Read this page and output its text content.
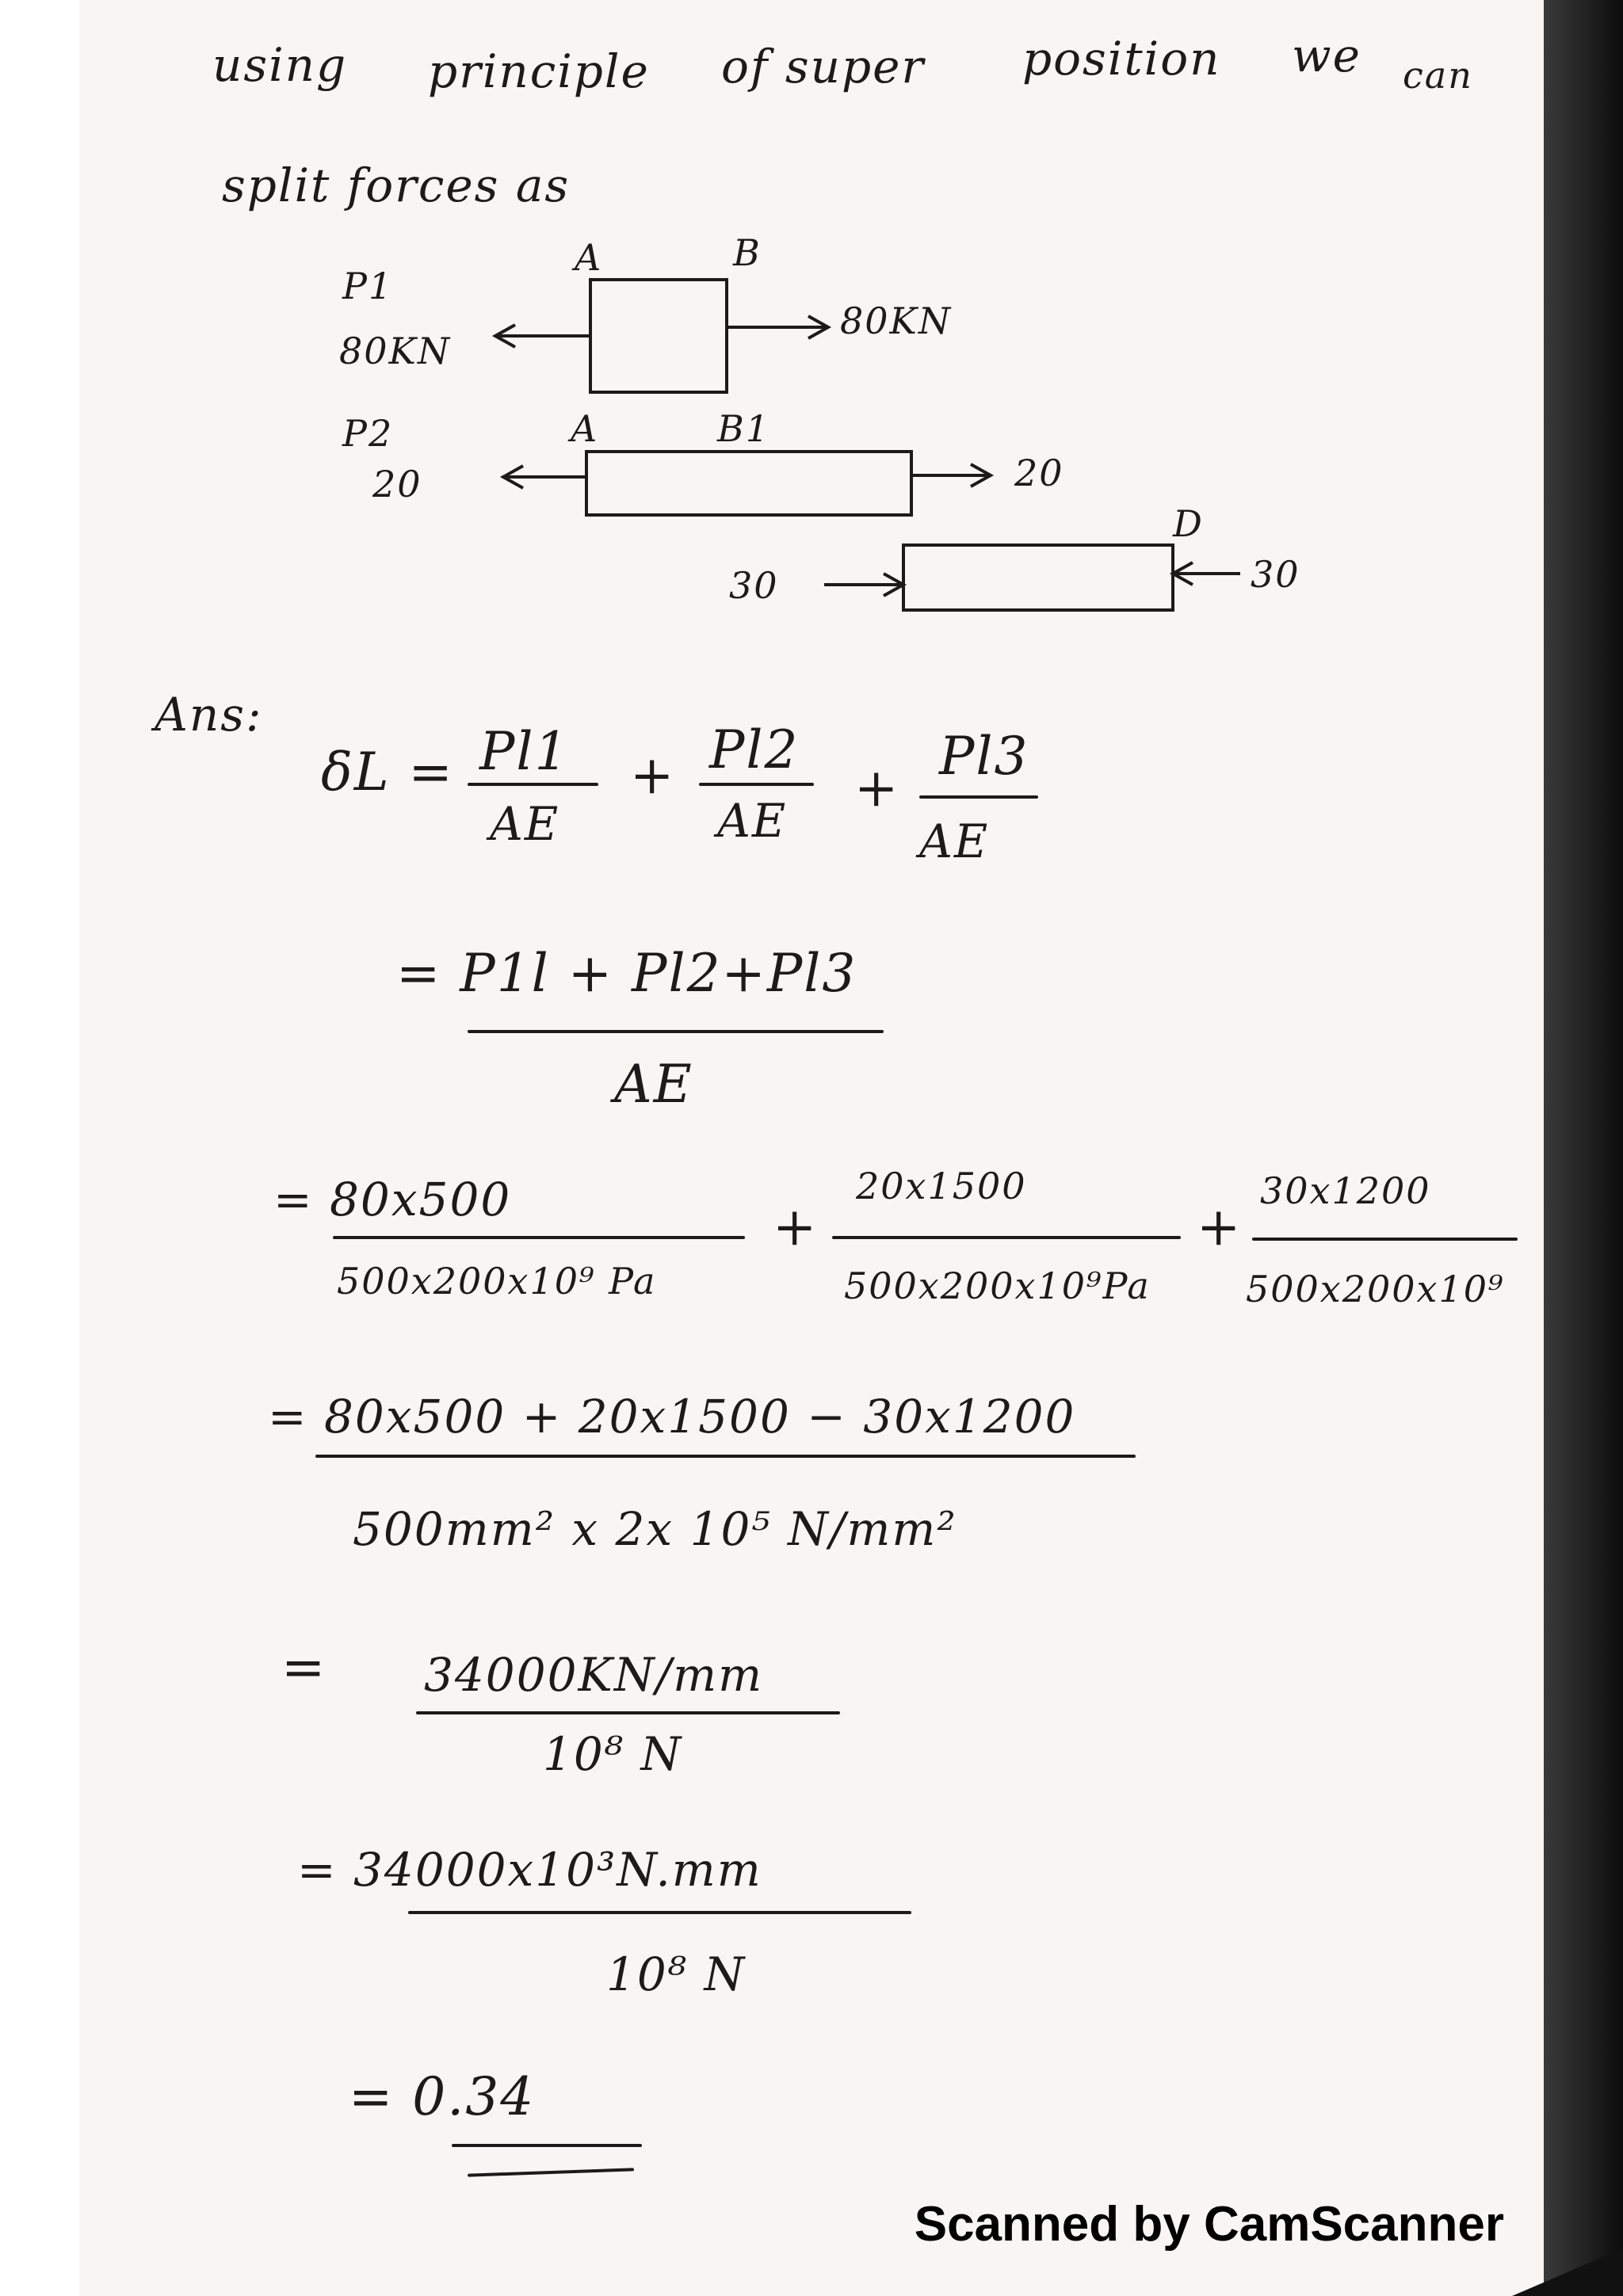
using principle of super position we can

split forces as

A	B

P1

80KN

80KN

P2	A	B1

20	20

D

30	30

Ans:

δL = Pl1

AE

+ Pl2

AE

+

Pl3

AE

= P1l + Pl2+Pl3

AE

= 80x500

500x200x10⁹ Pa

+

20x1500

500x200x10⁹Pa

+

30x1200

500x200x10⁹

= 80x500 + 20x1500 − 30x1200

500mm² x 2x 10⁵ N/mm²

= 34000KN/mm

10⁸ N

= 34000x10³N.mm

10⁸ N

= 0.34

Scanned by CamScanner
